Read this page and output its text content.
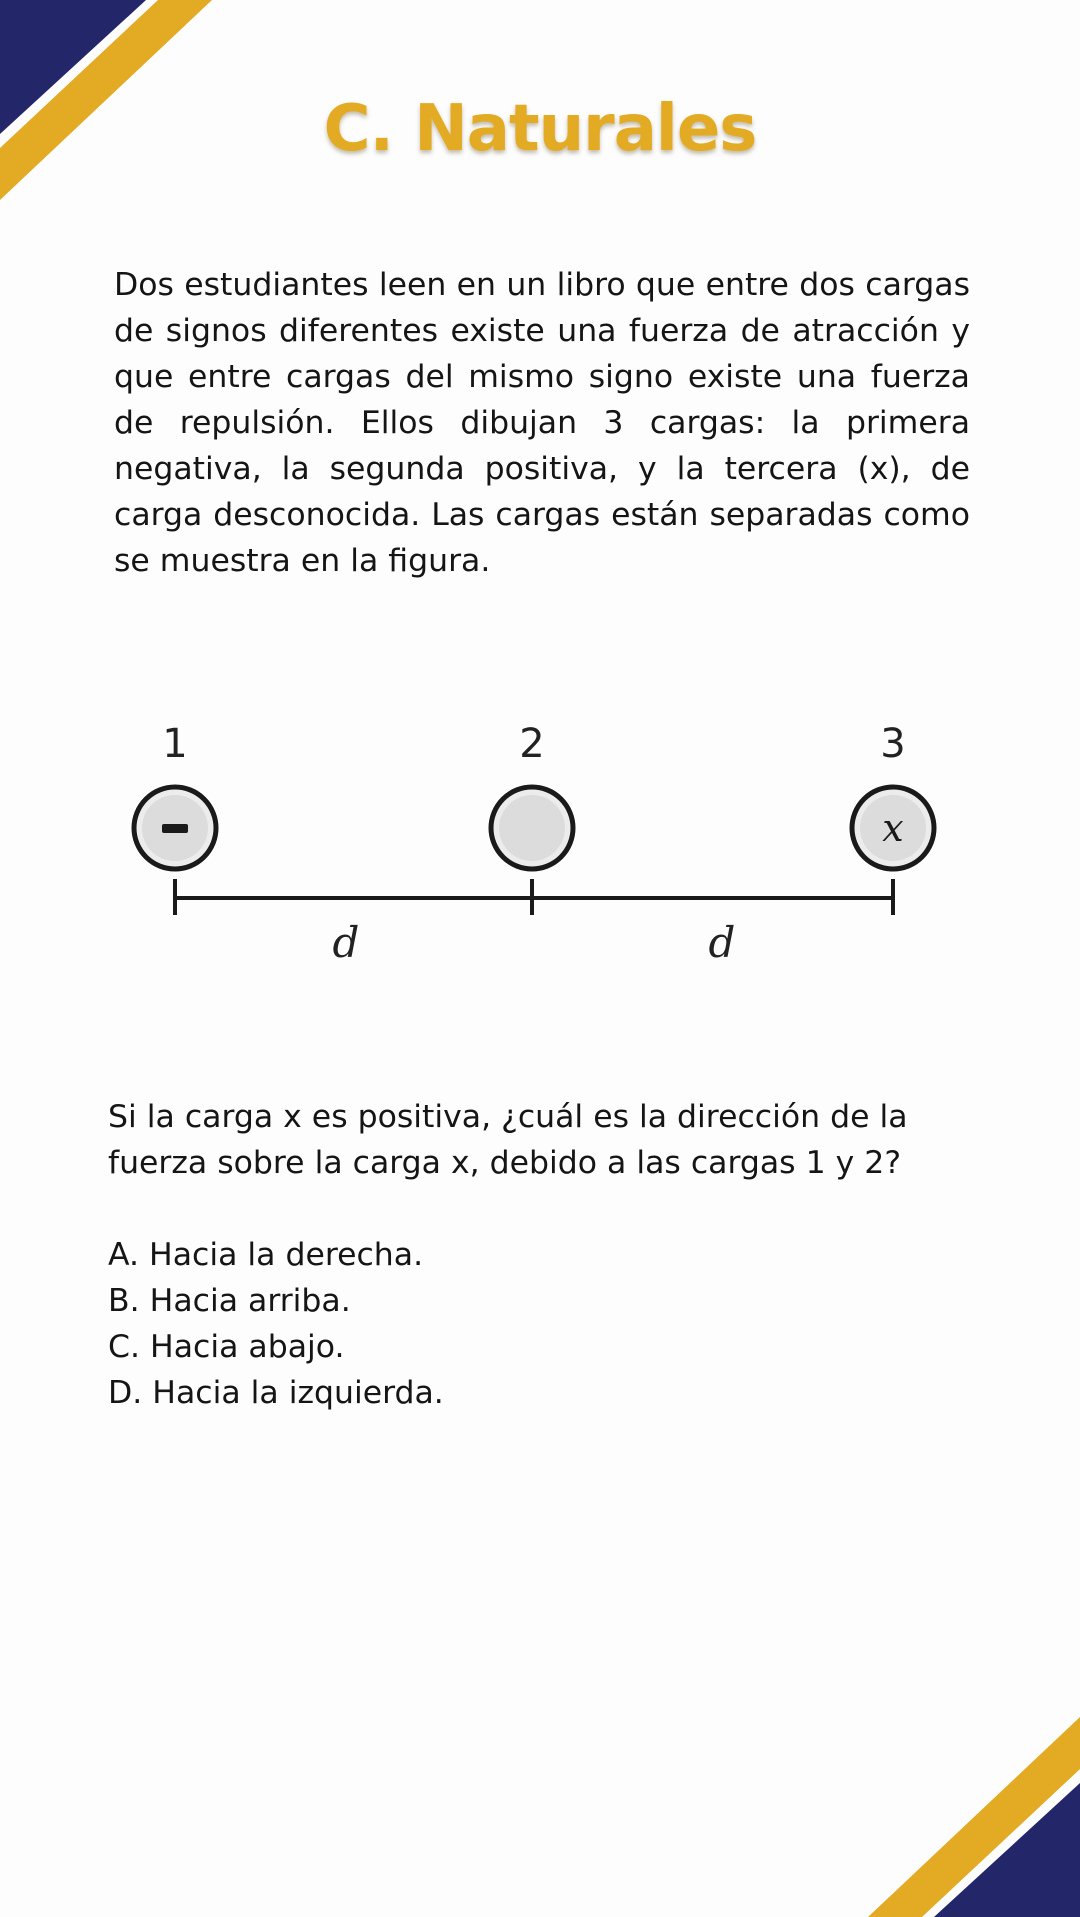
C. Naturales

Dos estudiantes leen en un libro que entre dos cargas de signos diferentes existe una fuerza de atracción y que entre cargas del mismo signo existe una fuerza de repulsión. Ellos dibujan 3 cargas: la primera negativa, la segunda positiva, y la tercera (x), de carga desconocida. Las cargas están separadas como se muestra en la figura.

1	2	3
x
d	d

Si la carga x es positiva, ¿cuál es la dirección de la fuerza sobre la carga x, debido a las cargas 1 y 2?

A. Hacia la derecha.
B. Hacia arriba.
C. Hacia abajo.
D. Hacia la izquierda.
